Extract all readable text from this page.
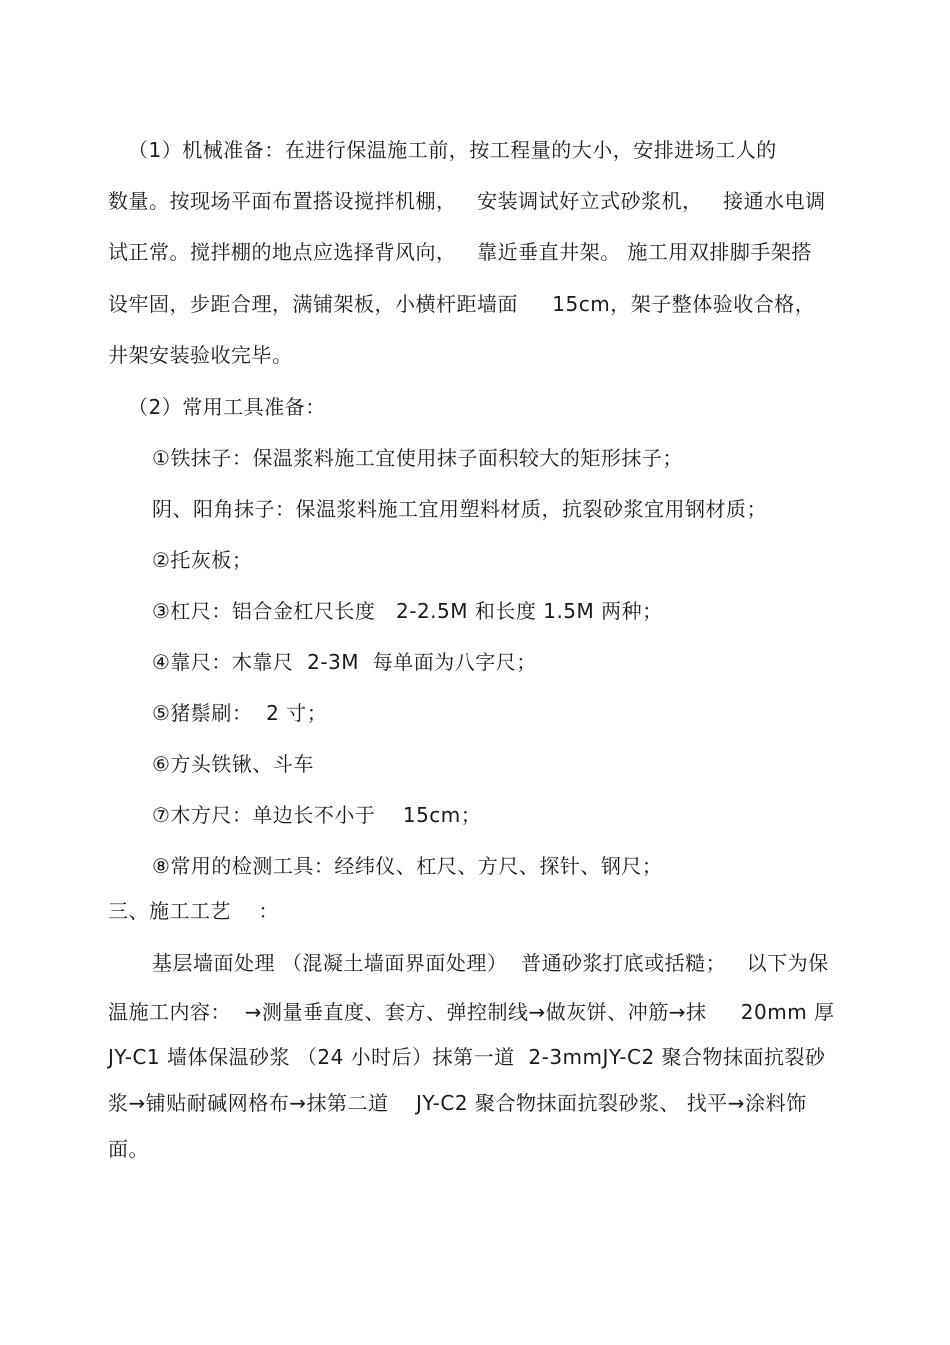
（1）机械准备：在进行保温施工前，按工程量的大小，安排进场工人的
数量。按现场平面布置搭设搅拌机棚，   安装调试好立式砂浆机，   接通水电调
试正常。搅拌棚的地点应选择背风向，   靠近垂直井架。 施工用双排脚手架搭
设牢固，步距合理，满铺架板，小横杆距墙面     15cm，架子整体验收合格，
井架安装验收完毕。
（2）常用工具准备：
①铁抹子：保温浆料施工宜使用抹子面积较大的矩形抹子；
阴、阳角抹子：保温浆料施工宜用塑料材质，抗裂砂浆宜用钢材质；
②托灰板；
③杠尺：铝合金杠尺长度   2-2.5M 和长度 1.5M 两种；
④靠尺：木靠尺  2-3M  每单面为八字尺；
⑤猪鬃刷：  2 寸；
⑥方头铁锹、斗车
⑦木方尺：单边长不小于    15cm；
⑧常用的检测工具：经纬仪、杠尺、方尺、探针、钢尺；
三、施工工艺    ：
基层墙面处理 （混凝土墙面界面处理）  普通砂浆打底或括糙；   以下为保
温施工内容：  →测量垂直度、套方、弹控制线→做灰饼、冲筋→抹     20mm 厚
JY-C1 墙体保温砂浆 （24 小时后）抹第一道  2-3mmJY-C2 聚合物抹面抗裂砂
浆→铺贴耐碱网格布→抹第二道    JY-C2 聚合物抹面抗裂砂浆、 找平→涂料饰
面。
